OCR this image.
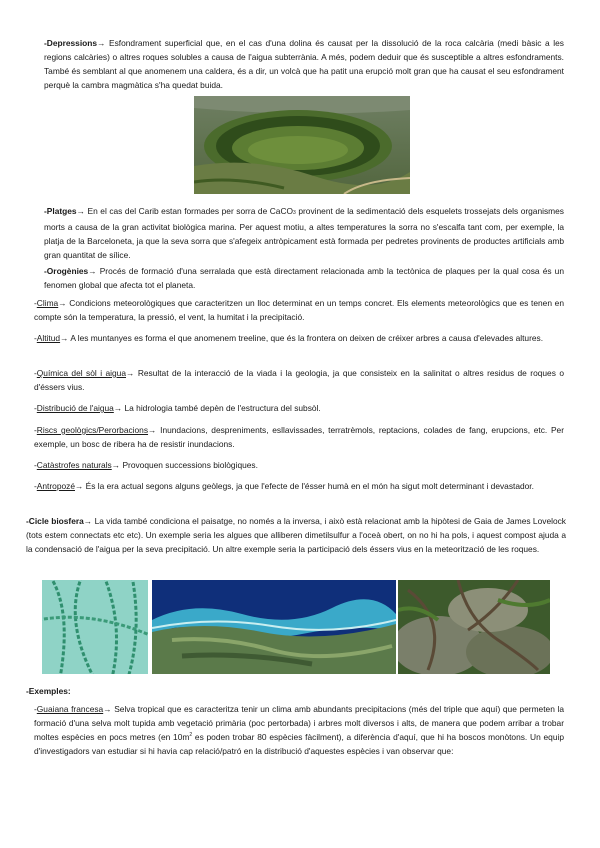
-Depressions→ Esfondrament superficial que, en el cas d'una dolina és causat per la dissolució de la roca calcària (medi bàsic a les regions calcàries) o altres roques solubles a causa de l'aigua subterrània. A més, podem deduir que és susceptible a altres esfondraments. També és semblant al que anomenem una caldera, és a dir, un volcà que ha patit una erupció molt gran que ha causat el seu esfondrament perquè la cambra magmàtica s'ha quedat buida.
-Platges→ En el cas del Carib estan formades per sorra de CaCO3 provinent de la sedimentació dels esquelets trossejats dels organismes morts a causa de la gran activitat biològica marina. Per aquest motiu, a altes temperatures la sorra no s'escalfa tant com, per exemple, la platja de la Barceloneta, ja que la seva sorra que s'afegeix antròpicament està formada per pedretes provinents de productes artificials amb gran quantitat de sílice.
-Orogènies→ Procés de formació d'una serralada que està directament relacionada amb la tectònica de plaques per la qual cosa és un fenomen global que afecta tot el planeta.
-Clima→ Condicions meteorològiques que caracteritzen un lloc determinat en un temps concret. Els elements meteorològics que es tenen en compte són la temperatura, la pressió, el vent, la humitat i la precipitació.
-Altitud→ A les muntanyes es forma el que anomenem treeline, que és la frontera on deixen de créixer arbres a causa d'elevades altures.
-Química del sòl i aigua→ Resultat de la interacció de la viada i la geologia, ja que consisteix en la salinitat o altres residus de roques o d'éssers vius.
-Distribució de l'aigua→ La hidrologia també depèn de l'estructura del subsòl.
-Riscs geològics/Perorbacions→ Inundacions, despreniments, esllavissades, terratrèmols, reptacions, colades de fang, erupcions, etc. Per exemple, un bosc de ribera ha de resistir inundacions.
-Catàstrofes naturals→ Provoquen successions biològiques.
-Antropozé→ És la era actual segons alguns geòlegs, ja que l'efecte de l'ésser humà en el món ha sigut molt determinant i devastador.
-Cicle biosfera→ La vida també condiciona el paisatge, no només a la inversa, i això està relacionat amb la hipòtesi de Gaia de James Lovelock (tots estem connectats etc etc). Un exemple seria les algues que alliberen dimetilsulfur a l'oceà obert, on no hi ha pols, i aquest compost ajuda a la condensació de l'aigua per la seva precipitació. Un altre exemple seria la participació dels éssers vius en la meteorització de les roques.
-Exemples:
-Guaiana francesa→ Selva tropical que es caracteritza tenir un clima amb abundants precipitacions (més del triple que aquí) que permeten la formació d'una selva molt tupida amb vegetació primària (poc pertorbada) i arbres molt diversos i alts, de manera que podem arribar a trobar moltes espècies en pocs metres (en $10m^2$ es poden trobar 80 espècies fàcilment), a diferència d'aquí, que hi ha boscos monòtons. Un equip d'investigadors van estudiar si hi havia cap relació/patró en la distribució d'aquestes espècies i van observar que:
